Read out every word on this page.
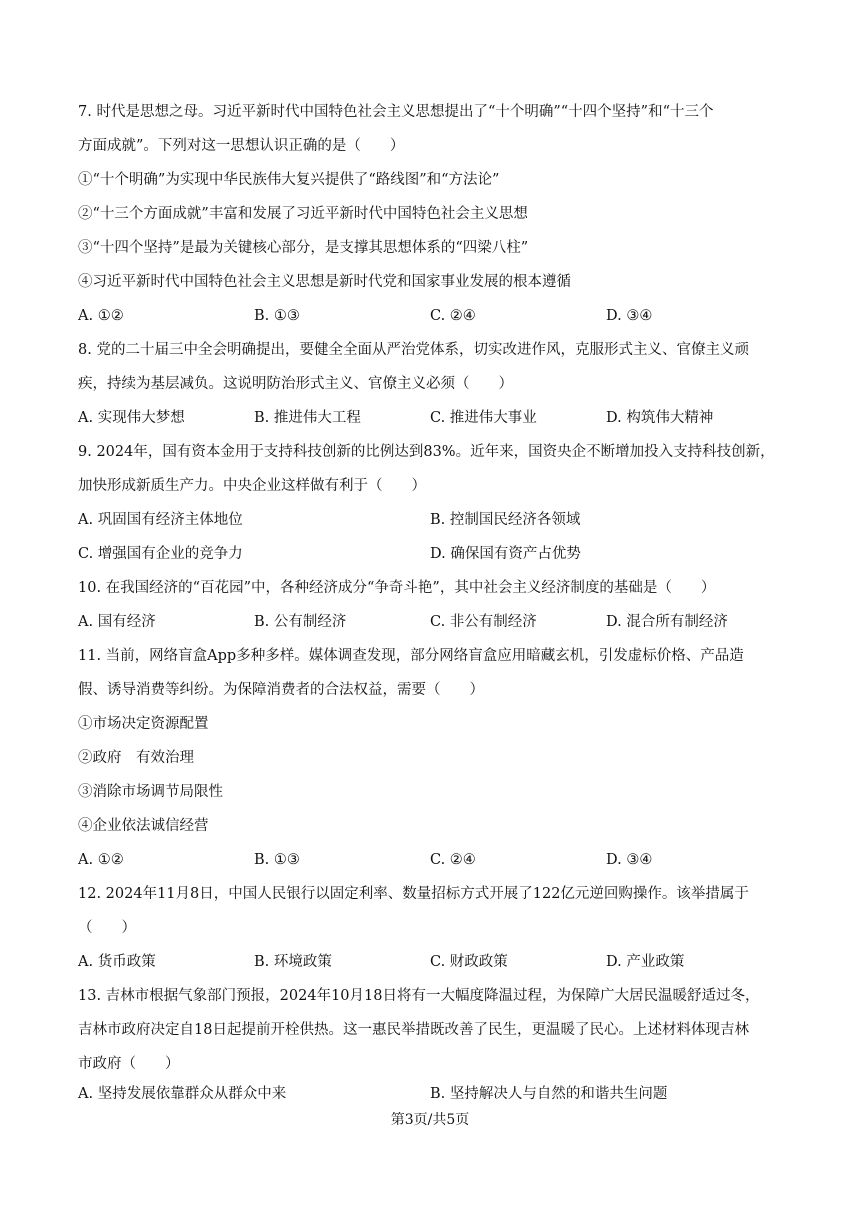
7. 时代是思想之母。习近平新时代中国特色社会主义思想提出了“十个明确”“十四个坚持”和“十三个
方面成就”。下列对这一思想认识正确的是（　　）
①“十个明确”为实现中华民族伟大复兴提供了“路线图”和“方法论”
②“十三个方面成就”丰富和发展了习近平新时代中国特色社会主义思想
③“十四个坚持”是最为关键核心部分，是支撑其思想体系的“四梁八柱”
④习近平新时代中国特色社会主义思想是新时代党和国家事业发展的根本遵循
A. ①②	B. ①③	C. ②④	D. ③④
8. 党的二十届三中全会明确提出，要健全全面从严治党体系，切实改进作风，克服形式主义、官僚主义顽
疾，持续为基层减负。这说明防治形式主义、官僚主义必须（　　）
A. 实现伟大梦想	B. 推进伟大工程	C. 推进伟大事业	D. 构筑伟大精神
9. 2024年，国有资本金用于支持科技创新的比例达到83%。近年来，国资央企不断增加投入支持科技创新，
加快形成新质生产力。中央企业这样做有利于（　　）
A. 巩固国有经济主体地位	B. 控制国民经济各领域
C. 增强国有企业的竞争力	D. 确保国有资产占优势
10. 在我国经济的“百花园”中，各种经济成分“争奇斗艳”，其中社会主义经济制度的基础是（　　）
A. 国有经济	B. 公有制经济	C. 非公有制经济	D. 混合所有制经济
11. 当前，网络盲盒App多种多样。媒体调查发现，部分网络盲盒应用暗藏玄机，引发虚标价格、产品造
假、诱导消费等纠纷。为保障消费者的合法权益，需要（　　）
①市场决定资源配置
②政府　有效治理
③消除市场调节局限性
④企业依法诚信经营
A. ①②	B. ①③	C. ②④	D. ③④
12. 2024年11月8日，中国人民银行以固定利率、数量招标方式开展了122亿元逆回购操作。该举措属于
（　　）
A. 货币政策	B. 环境政策	C. 财政政策	D. 产业政策
13. 吉林市根据气象部门预报，2024年10月18日将有一大幅度降温过程，为保障广大居民温暖舒适过冬，
吉林市政府决定自18日起提前开栓供热。这一惠民举措既改善了民生，更温暖了民心。上述材料体现吉林
市政府（　　）
A. 坚持发展依靠群众从群众中来	B. 坚持解决人与自然的和谐共生问题
第3页/共5页
